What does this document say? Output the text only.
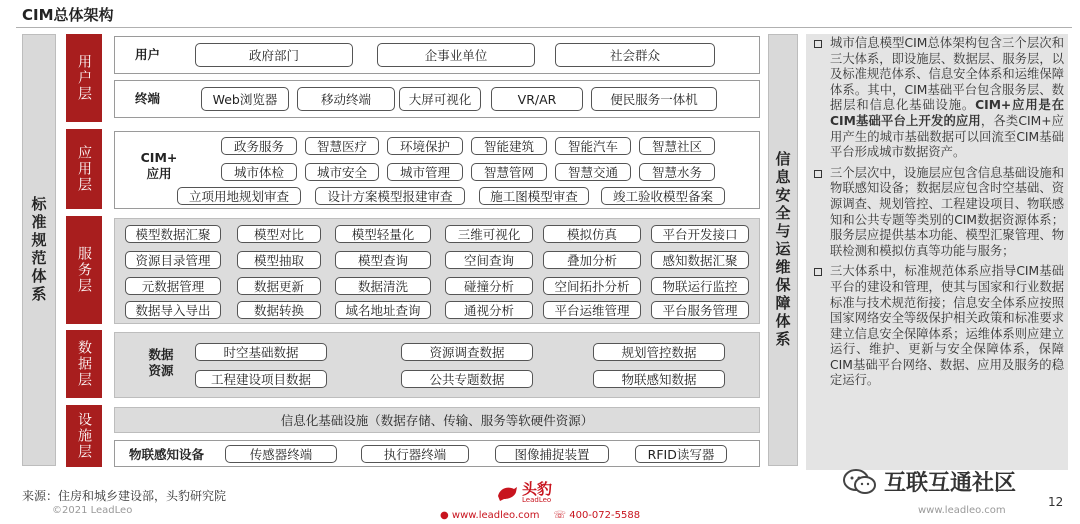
CIM总体架构
标准规范体系	信息安全与运维保障体系
用户层
应用层
服务层
数据层
设施层
用户	政府部门	企事业单位	社会群众
终端	Web浏览器	移动终端	大屏可视化	VR/AR	便民服务一体机
CIM+
应用
政务服务	智慧医疗	环境保护	智能建筑	智能汽车	智慧社区
城市体检	城市安全	城市管理	智慧管网	智慧交通	智慧水务
立项用地规划审查	设计方案模型报建审查	施工图模型审查	竣工验收模型备案
模型数据汇聚	模型对比	模型轻量化	三维可视化	模拟仿真	平台开发接口
资源目录管理	模型抽取	模型查询	空间查询	叠加分析	感知数据汇聚
元数据管理	数据更新	数据清洗	碰撞分析	空间拓扑分析	物联运行监控
数据导入导出	数据转换	域名地址查询	通视分析	平台运维管理	平台服务管理
数据
资源
时空基础数据	资源调查数据	规划管控数据
工程建设项目数据	公共专题数据	物联感知数据
信息化基础设施（数据存储、传输、服务等软硬件资源）
物联感知设备	传感器终端	执行器终端	图像捕捉装置	RFID读写器
城市信息模型CIM总体架构包含三个层次和三大体系，即设施层、数据层、服务层，以及标准规范体系、信息安全体系和运维保障体系。其中，CIM基础平台包含服务层、数据层和信息化基础设施。CIM+应用是在CIM基础平台上开发的应用，各类CIM+应用产生的城市基础数据可以回流至CIM基础平台形成城市数据资产。
三个层次中，设施层应包含信息基础设施和物联感知设备；数据层应包含时空基础、资源调查、规划管控、工程建设项目、物联感知和公共专题等类别的CIM数据资源体系；服务层应提供基本功能、模型汇聚管理、物联检测和模拟仿真等功能与服务；
三大体系中，标准规范体系应指导CIM基础平台的建设和管理，使其与国家和行业数据标准与技术规范衔接；信息安全体系应按照国家网络安全等级保护相关政策和标准要求建立信息安全保障体系；运维体系则应建立运行、维护、更新与安全保障体系，保障CIM基础平台网络、数据、应用及服务的稳定运行。
来源：住房和城乡建设部，头豹研究院
©2021 LeadLeo
头豹
LeadLeo
● www.leadleo.com ☏ 400-072-5588
互联互通社区
www.leadleo.com
12
